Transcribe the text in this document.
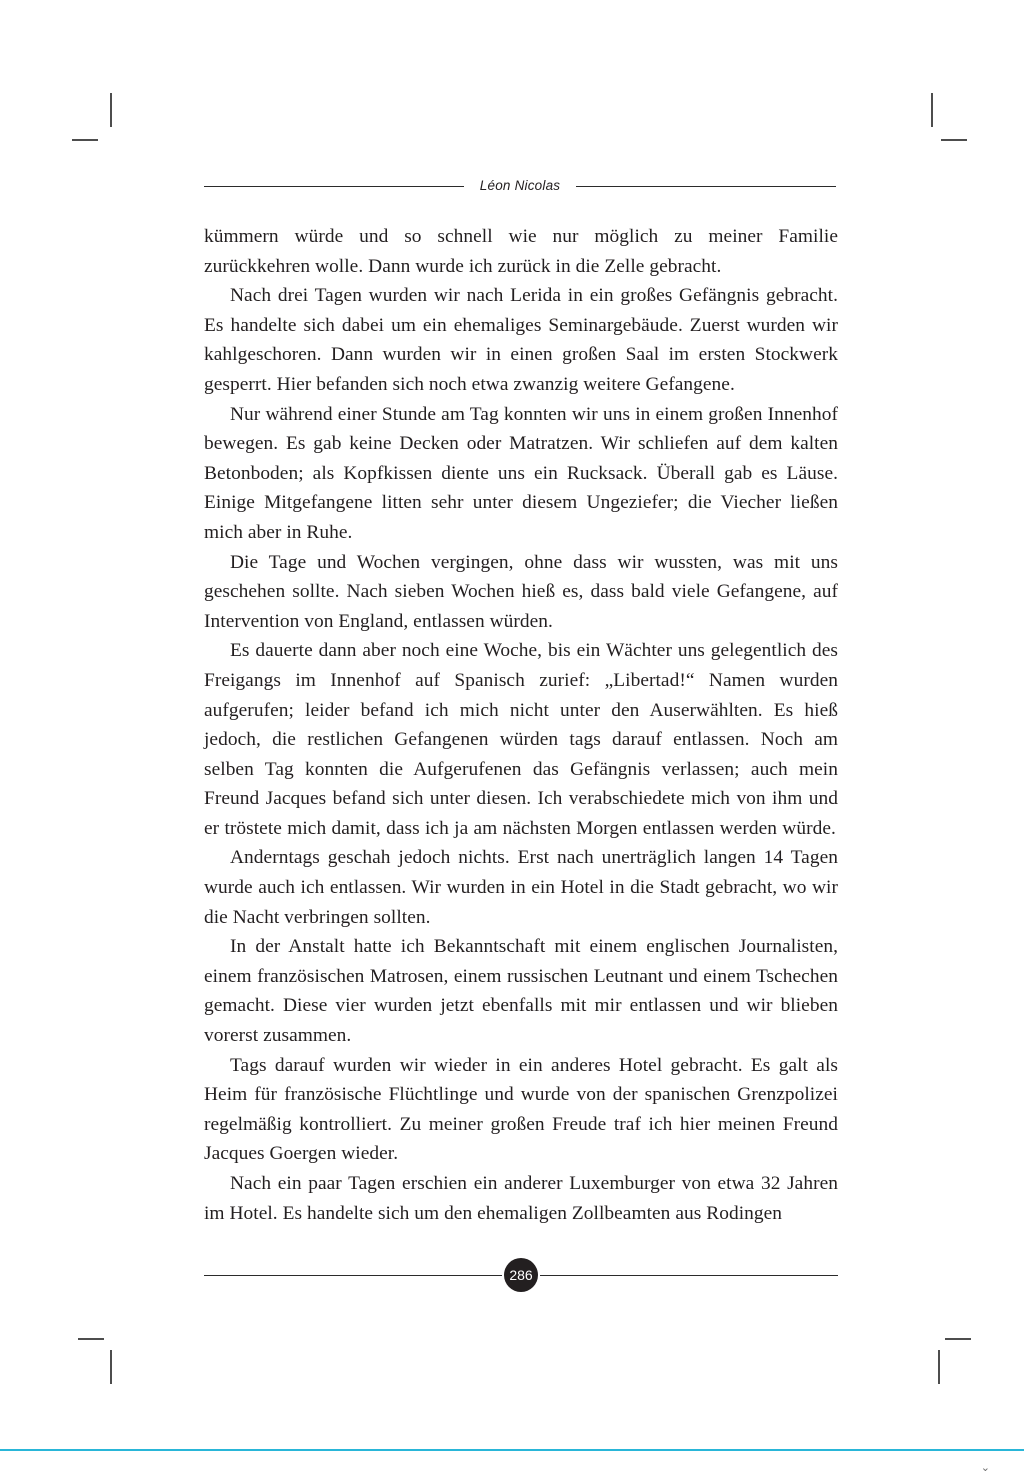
Léon Nicolas

kümmern würde und so schnell wie nur möglich zu meiner Familie zurückkehren wolle. Dann wurde ich zurück in die Zelle gebracht.

Nach drei Tagen wurden wir nach Lerida in ein großes Gefängnis gebracht. Es handelte sich dabei um ein ehemaliges Seminargebäude. Zuerst wurden wir kahlgeschoren. Dann wurden wir in einen großen Saal im ersten Stockwerk gesperrt. Hier befanden sich noch etwa zwanzig weitere Gefangene.

Nur während einer Stunde am Tag konnten wir uns in einem großen Innenhof bewegen. Es gab keine Decken oder Matratzen. Wir schliefen auf dem kalten Betonboden; als Kopfkissen diente uns ein Rucksack. Überall gab es Läuse. Einige Mitgefangene litten sehr unter diesem Ungeziefer; die Viecher ließen mich aber in Ruhe.

Die Tage und Wochen vergingen, ohne dass wir wussten, was mit uns geschehen sollte. Nach sieben Wochen hieß es, dass bald viele Gefangene, auf Intervention von England, entlassen würden.

Es dauerte dann aber noch eine Woche, bis ein Wächter uns gelegentlich des Freigangs im Innenhof auf Spanisch zurief: „Libertad!“ Namen wurden aufgerufen; leider befand ich mich nicht unter den Auserwählten. Es hieß jedoch, die restlichen Gefangenen würden tags darauf entlassen. Noch am selben Tag konnten die Aufgerufenen das Gefängnis verlassen; auch mein Freund Jacques befand sich unter diesen. Ich verabschiedete mich von ihm und er tröstete mich damit, dass ich ja am nächsten Morgen entlassen werden würde.

Anderntags geschah jedoch nichts. Erst nach unerträglich langen 14 Tagen wurde auch ich entlassen. Wir wurden in ein Hotel in die Stadt gebracht, wo wir die Nacht verbringen sollten.

In der Anstalt hatte ich Bekanntschaft mit einem englischen Journalisten, einem französischen Matrosen, einem russischen Leutnant und einem Tschechen gemacht. Diese vier wurden jetzt ebenfalls mit mir entlassen und wir blieben vorerst zusammen.

Tags darauf wurden wir wieder in ein anderes Hotel gebracht. Es galt als Heim für französische Flüchtlinge und wurde von der spanischen Grenzpolizei regelmäßig kontrolliert. Zu meiner großen Freude traf ich hier meinen Freund Jacques Goergen wieder.

Nach ein paar Tagen erschien ein anderer Luxemburger von etwa 32 Jahren im Hotel. Es handelte sich um den ehemaligen Zollbeamten aus Rodingen

286
⌄
